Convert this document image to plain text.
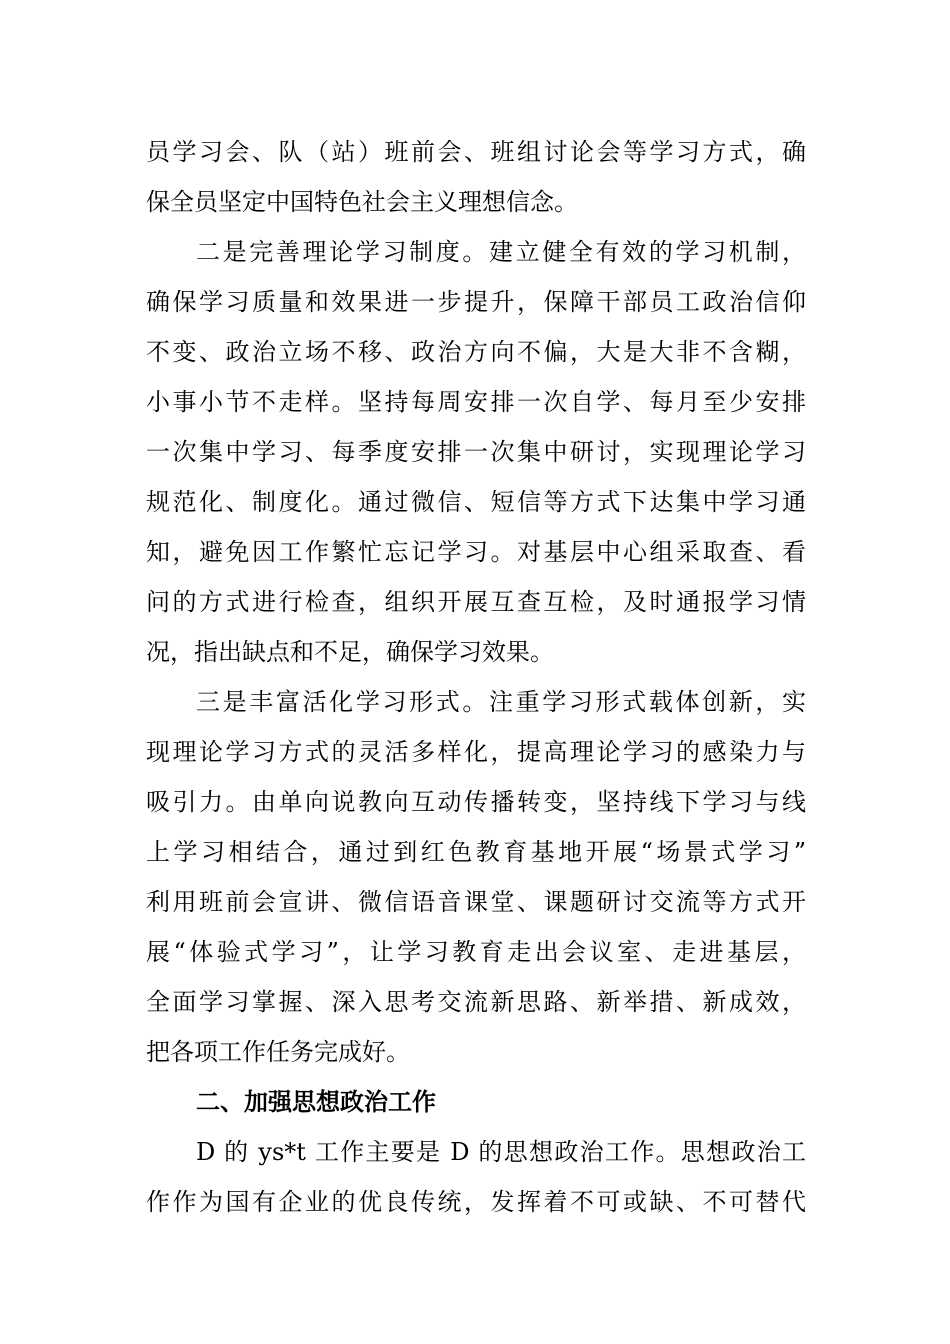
员学习会、队（站）班前会、班组讨论会等学习方式，确
保全员坚定中国特色社会主义理想信念。
二是完善理论学习制度。建立健全有效的学习机制，
确保学习质量和效果进一步提升，保障干部员工政治信仰
不变、政治立场不移、政治方向不偏，大是大非不含糊，
小事小节不走样。坚持每周安排一次自学、每月至少安排
一次集中学习、每季度安排一次集中研讨，实现理论学习
规范化、制度化。通过微信、短信等方式下达集中学习通
知，避免因工作繁忙忘记学习。对基层中心组采取查、看
问的方式进行检查，组织开展互查互检，及时通报学习情
况，指出缺点和不足，确保学习效果。
三是丰富活化学习形式。注重学习形式载体创新，实
现理论学习方式的灵活多样化，提高理论学习的感染力与
吸引力。由单向说教向互动传播转变，坚持线下学习与线
上学习相结合，通过到红色教育基地开展“场景式学习”
利用班前会宣讲、微信语音课堂、课题研讨交流等方式开
展“体验式学习”，让学习教育走出会议室、走进基层，
全面学习掌握、深入思考交流新思路、新举措、新成效，
把各项工作任务完成好。
二、加强思想政治工作
D 的 ys*t 工作主要是 D 的思想政治工作。思想政治工
作作为国有企业的优良传统，发挥着不可或缺、不可替代
